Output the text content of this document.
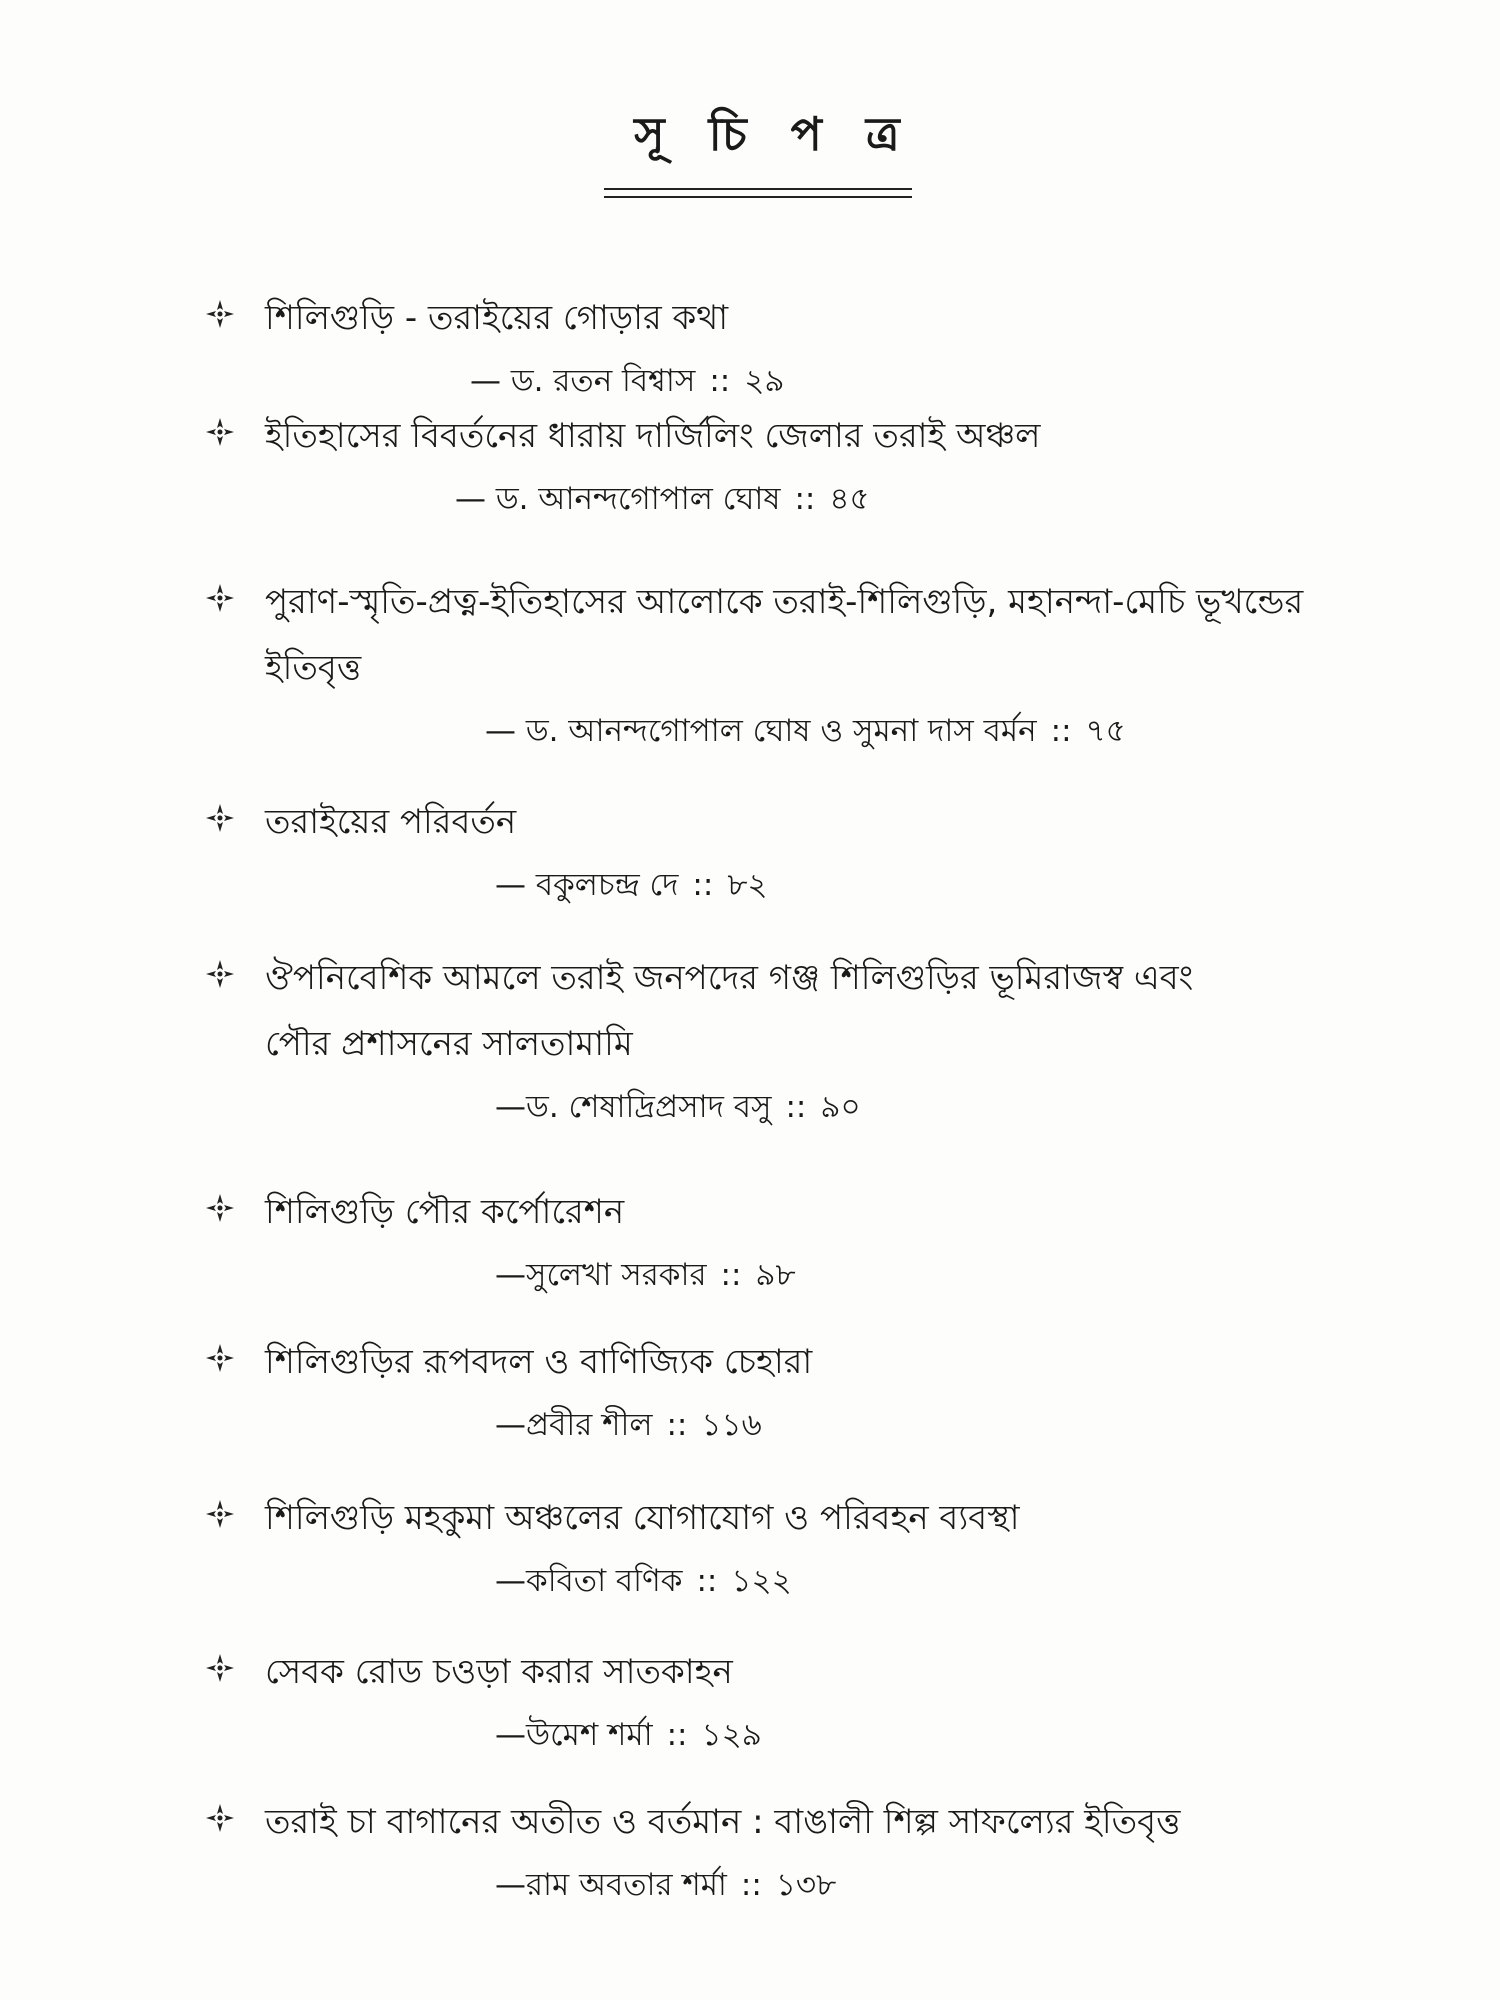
সূ চি প ত্র

শিলিগুড়ি - তরাইয়ের গোড়ার কথা

— ড. রতন বিশ্বাস :: ২৯

ইতিহাসের বিবর্তনের ধারায় দার্জিলিং জেলার তরাই অঞ্চল

— ড. আনন্দগোপাল ঘোষ :: ৪৫

পুরাণ-স্মৃতি-প্রত্ন-ইতিহাসের আলোকে তরাই-শিলিগুড়ি, মহানন্দা-মেচি ভূখন্ডের ইতিবৃত্ত

— ড. আনন্দগোপাল ঘোষ ও সুমনা দাস বর্মন :: ৭৫

তরাইয়ের পরিবর্তন

— বকুলচন্দ্র দে :: ৮২

ঔপনিবেশিক আমলে তরাই জনপদের গঞ্জ শিলিগুড়ির ভূমিরাজস্ব এবং পৌর প্রশাসনের সালতামামি

—ড. শেষাদ্রিপ্রসাদ বসু :: ৯০

শিলিগুড়ি পৌর কর্পোরেশন

—সুলেখা সরকার :: ৯৮

শিলিগুড়ির রূপবদল ও বাণিজ্যিক চেহারা

—প্রবীর শীল :: ১১৬

শিলিগুড়ি মহকুমা অঞ্চলের যোগাযোগ ও পরিবহন ব্যবস্থা

—কবিতা বণিক :: ১২২

সেবক রোড চওড়া করার সাতকাহন

—উমেশ শর্মা :: ১২৯

তরাই চা বাগানের অতীত ও বর্তমান : বাঙালী শিল্প সাফল্যের ইতিবৃত্ত

—রাম অবতার শর্মা :: ১৩৮
